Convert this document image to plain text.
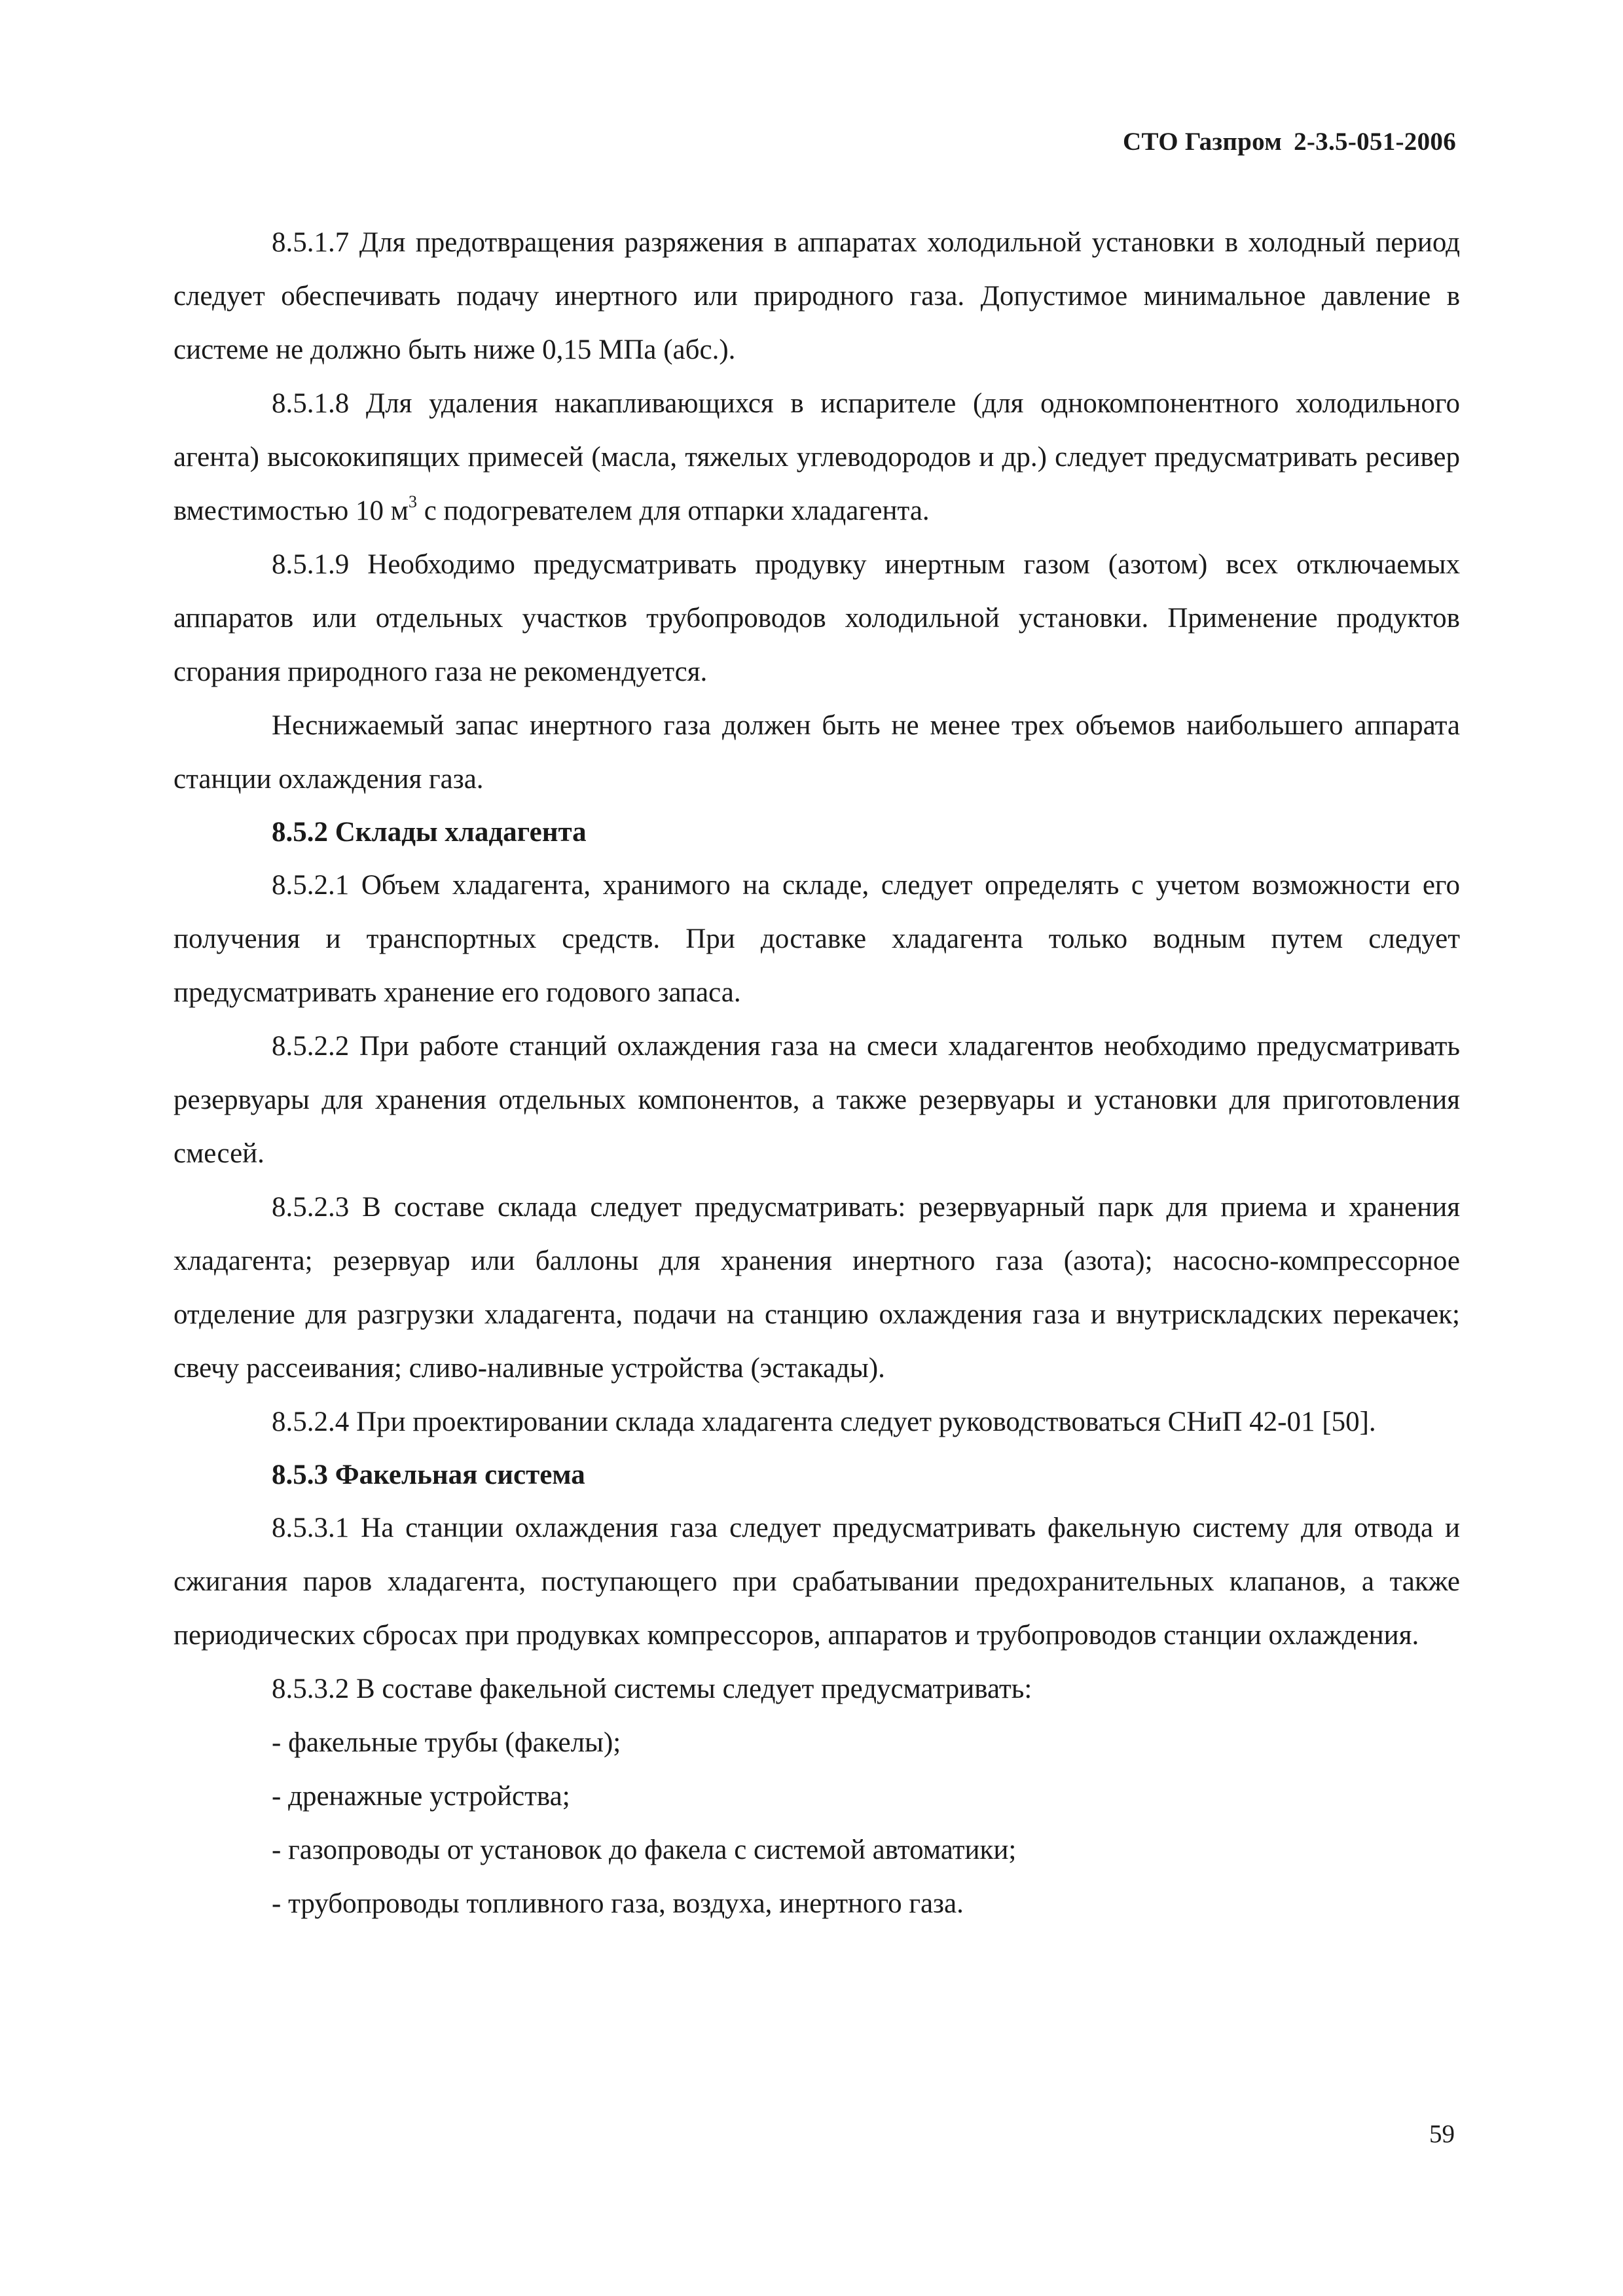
СТО Газпром 2-3.5-051-2006

8.5.1.7 Для предотвращения разряжения в аппаратах холодильной установки в холодный период следует обеспечивать подачу инертного или природного газа. Допустимое минимальное давление в системе не должно быть ниже 0,15 МПа (абс.).

8.5.1.8 Для удаления накапливающихся в испарителе (для однокомпонентного холодильного агента) высококипящих примесей (масла, тяжелых углеводородов и др.) следует предусматривать ресивер вместимостью 10 $м^3$ с подогревателем для отпарки хладагента.

8.5.1.9 Необходимо предусматривать продувку инертным газом (азотом) всех отключаемых аппаратов или отдельных участков трубопроводов холодильной установки. Применение продуктов сгорания природного газа не рекомендуется.

Неснижаемый запас инертного газа должен быть не менее трех объемов наибольшего аппарата станции охлаждения газа.

8.5.2 Склады хладагента

8.5.2.1 Объем хладагента, хранимого на складе, следует определять с учетом возможности его получения и транспортных средств. При доставке хладагента только водным путем следует предусматривать хранение его годового запаса.

8.5.2.2 При работе станций охлаждения газа на смеси хладагентов необходимо предусматривать резервуары для хранения отдельных компонентов, а также резервуары и установки для приготовления смесей.

8.5.2.3 В составе склада следует предусматривать: резервуарный парк для приема и хранения хладагента; резервуар или баллоны для хранения инертного газа (азота); насосно-компрессорное отделение для разгрузки хладагента, подачи на станцию охлаждения газа и внутрискладских перекачек; свечу рассеивания; сливо-наливные устройства (эстакады).

8.5.2.4 При проектировании склада хладагента следует руководствоваться СНиП 42-01 [50].

8.5.3 Факельная система

8.5.3.1 На станции охлаждения газа следует предусматривать факельную систему для отвода и сжигания паров хладагента, поступающего при срабатывании предохранительных клапанов, а также периодических сбросах при продувках компрессоров, аппаратов и трубопроводов станции охлаждения.

8.5.3.2 В составе факельной системы следует предусматривать:

- факельные трубы (факелы);

- дренажные устройства;

- газопроводы от установок до факела с системой автоматики;

- трубопроводы топливного газа, воздуха, инертного газа.

59
